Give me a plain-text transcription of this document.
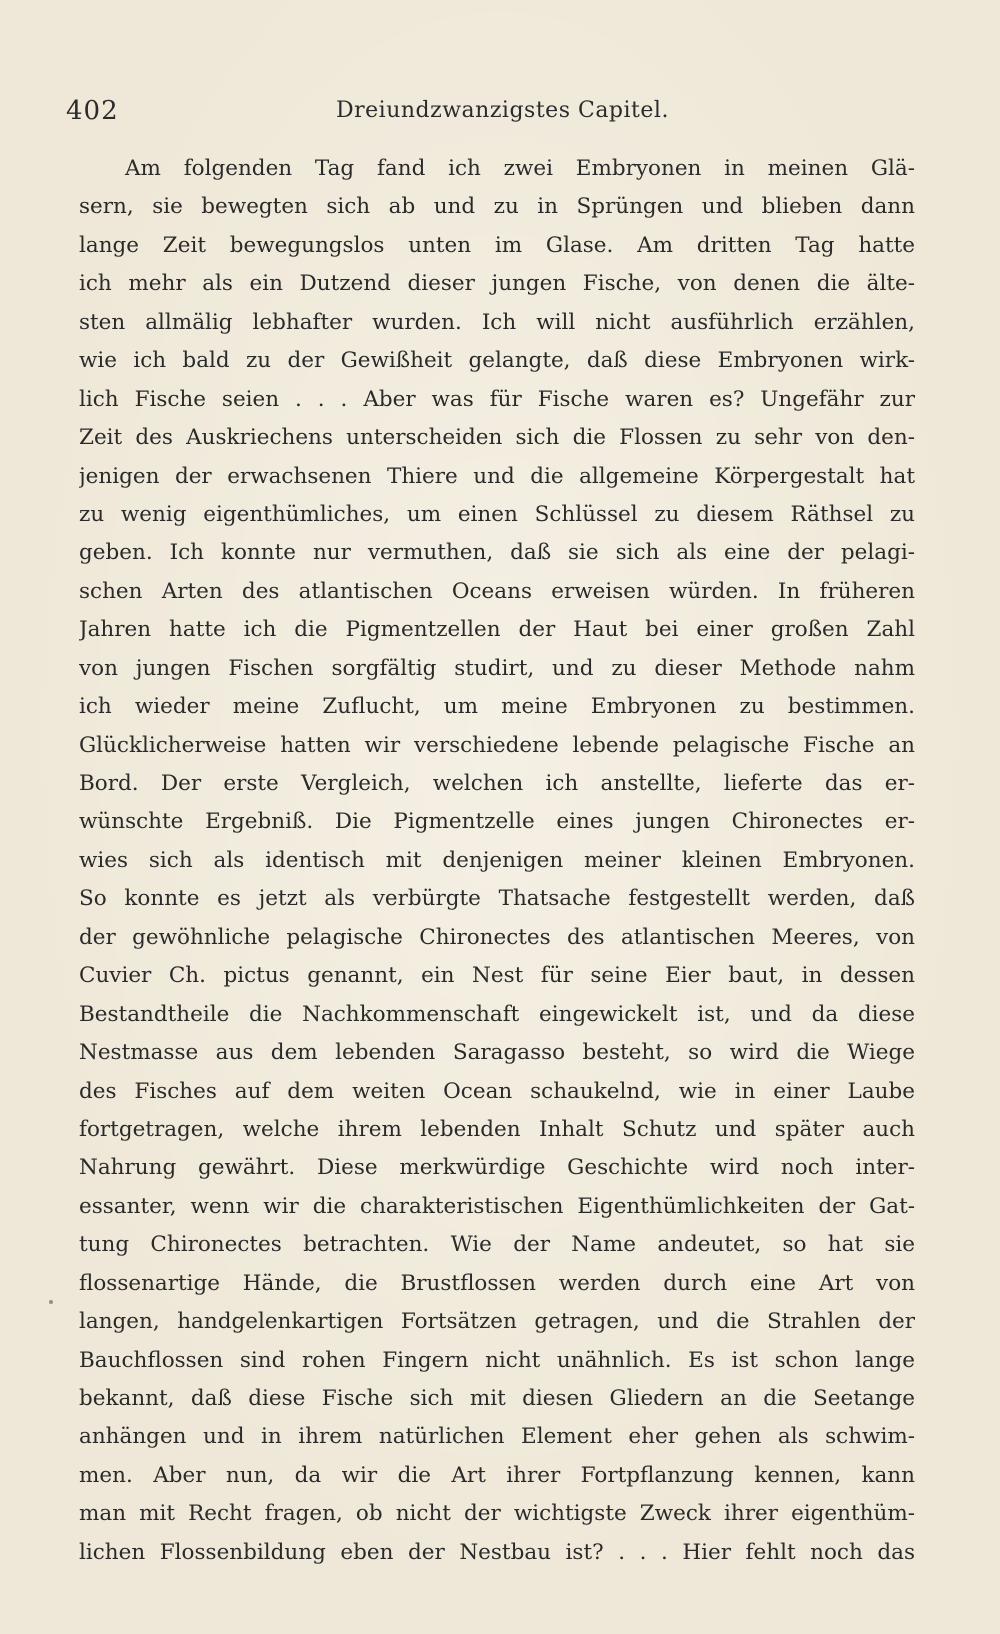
402	Dreiundzwanzigstes Capitel.
Am folgenden Tag fand ich zwei Embryonen in meinen Glä-
sern, sie bewegten sich ab und zu in Sprüngen und blieben dann
lange Zeit bewegungslos unten im Glase. Am dritten Tag hatte
ich mehr als ein Dutzend dieser jungen Fische, von denen die älte-
sten allmälig lebhafter wurden. Ich will nicht ausführlich erzählen,
wie ich bald zu der Gewißheit gelangte, daß diese Embryonen wirk-
lich Fische seien . . . Aber was für Fische waren es? Ungefähr zur
Zeit des Auskriechens unterscheiden sich die Flossen zu sehr von den-
jenigen der erwachsenen Thiere und die allgemeine Körpergestalt hat
zu wenig eigenthümliches, um einen Schlüssel zu diesem Räthsel zu
geben. Ich konnte nur vermuthen, daß sie sich als eine der pelagi-
schen Arten des atlantischen Oceans erweisen würden. In früheren
Jahren hatte ich die Pigmentzellen der Haut bei einer großen Zahl
von jungen Fischen sorgfältig studirt, und zu dieser Methode nahm
ich wieder meine Zuflucht, um meine Embryonen zu bestimmen.
Glücklicherweise hatten wir verschiedene lebende pelagische Fische an
Bord. Der erste Vergleich, welchen ich anstellte, lieferte das er-
wünschte Ergebniß. Die Pigmentzelle eines jungen Chironectes er-
wies sich als identisch mit denjenigen meiner kleinen Embryonen.
So konnte es jetzt als verbürgte Thatsache festgestellt werden, daß
der gewöhnliche pelagische Chironectes des atlantischen Meeres, von
Cuvier Ch. pictus genannt, ein Nest für seine Eier baut, in dessen
Bestandtheile die Nachkommenschaft eingewickelt ist, und da diese
Nestmasse aus dem lebenden Saragasso besteht, so wird die Wiege
des Fisches auf dem weiten Ocean schaukelnd, wie in einer Laube
fortgetragen, welche ihrem lebenden Inhalt Schutz und später auch
Nahrung gewährt. Diese merkwürdige Geschichte wird noch inter-
essanter, wenn wir die charakteristischen Eigenthümlichkeiten der Gat-
tung Chironectes betrachten. Wie der Name andeutet, so hat sie
flossenartige Hände, die Brustflossen werden durch eine Art von
langen, handgelenkartigen Fortsätzen getragen, und die Strahlen der
Bauchflossen sind rohen Fingern nicht unähnlich. Es ist schon lange
bekannt, daß diese Fische sich mit diesen Gliedern an die Seetange
anhängen und in ihrem natürlichen Element eher gehen als schwim-
men. Aber nun, da wir die Art ihrer Fortpflanzung kennen, kann
man mit Recht fragen, ob nicht der wichtigste Zweck ihrer eigenthüm-
lichen Flossenbildung eben der Nestbau ist? . . . Hier fehlt noch das
